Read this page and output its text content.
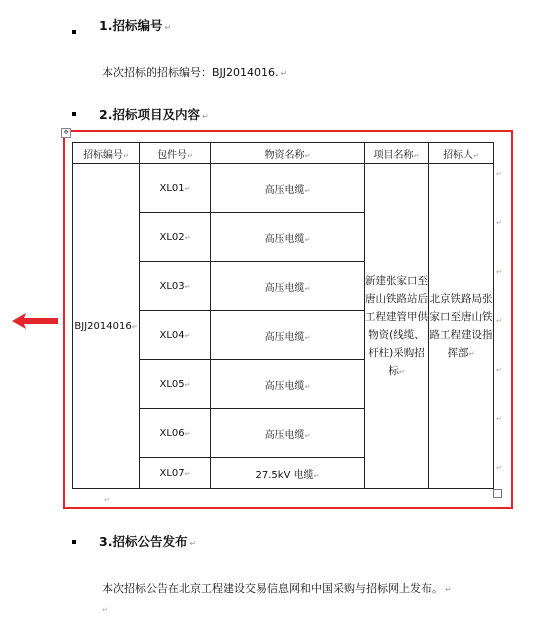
1.招标编号 ↵
本次招标的招标编号：BJJ2014016. ↵
2.招标项目及内容 ↵
✥
招标编号↵	包件号↵	物资名称↵	项目名称↵	招标人↵
BJJ2014016↵	XL01↵	高压电缆↵	新建张家口至唐山铁路站后工程建管甲供物资(线缆、杆柱)采购招标↵	北京铁路局张家口至唐山铁路工程建设指挥部↵
	XL02↵	高压电缆↵		
	XL03↵	高压电缆↵		
	XL04↵	高压电缆↵		
	XL05↵	高压电缆↵		
	XL06↵	高压电缆↵		
	XL07↵	27.5kV 电缆↵		
↵
↵
↵
↵
↵
↵
↵
↵
3.招标公告发布 ↵
本次招标公告在北京工程建设交易信息网和中国采购与招标网上发布。 ↵
↵
